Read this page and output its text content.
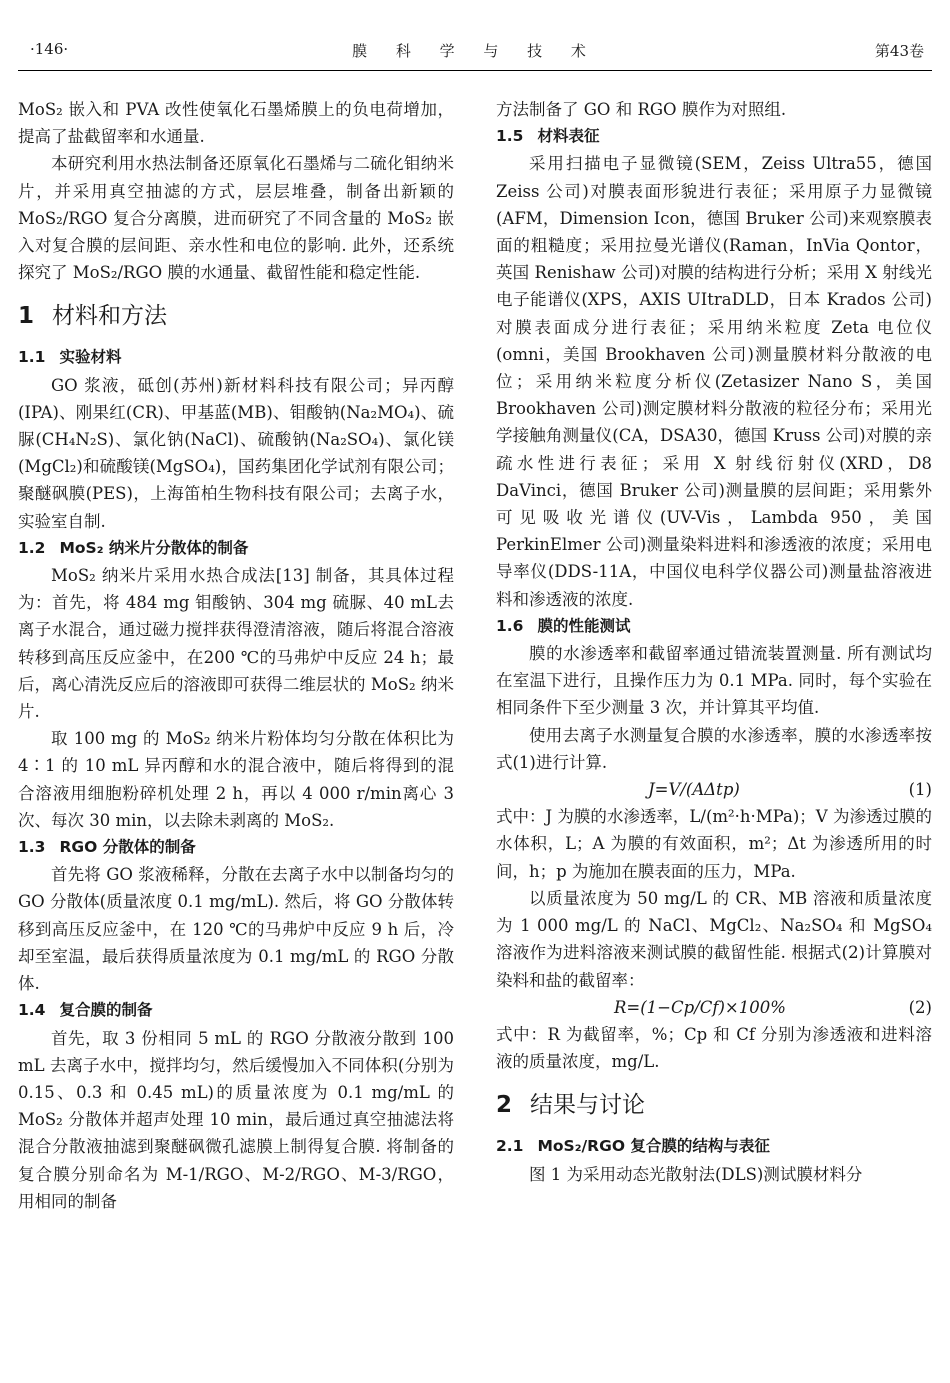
·146·	膜 科 学 与 技 术	第43卷

MoS₂ 嵌入和 PVA 改性使氧化石墨烯膜上的负电荷增加，提高了盐截留率和水通量.

本研究利用水热法制备还原氧化石墨烯与二硫化钼纳米片，并采用真空抽滤的方式，层层堆叠，制备出新颖的 MoS₂/RGO 复合分离膜，进而研究了不同含量的 MoS₂ 嵌入对复合膜的层间距、亲水性和电位的影响. 此外，还系统探究了 MoS₂/RGO 膜的水通量、截留性能和稳定性能.

1 材料和方法
1.1 实验材料

GO 浆液，砥创(苏州)新材料科技有限公司；异丙醇(IPA)、刚果红(CR)、甲基蓝(MB)、钼酸钠(Na₂MO₄)、硫脲(CH₄N₂S)、氯化钠(NaCl)、硫酸钠(Na₂SO₄)、氯化镁(MgCl₂)和硫酸镁(MgSO₄)，国药集团化学试剂有限公司；聚醚砜膜(PES)，上海笛柏生物科技有限公司；去离子水，实验室自制.

1.2 MoS₂ 纳米片分散体的制备

MoS₂ 纳米片采用水热合成法[13] 制备，其具体过程为：首先，将 484 mg 钼酸钠、304 mg 硫脲、40 mL去离子水混合，通过磁力搅拌获得澄清溶液，随后将混合溶液转移到高压反应釜中，在200 ℃的马弗炉中反应 24 h；最后，离心清洗反应后的溶液即可获得二维层状的 MoS₂ 纳米片.

取 100 mg 的 MoS₂ 纳米片粉体均匀分散在体积比为 4∶1 的 10 mL 异丙醇和水的混合液中，随后将得到的混合溶液用细胞粉碎机处理 2 h，再以 4 000 r/min离心 3 次、每次 30 min，以去除未剥离的 MoS₂.

1.3 RGO 分散体的制备

首先将 GO 浆液稀释，分散在去离子水中以制备均匀的 GO 分散体(质量浓度 0.1 mg/mL). 然后，将 GO 分散体转移到高压反应釜中，在 120 ℃的马弗炉中反应 9 h 后，冷却至室温，最后获得质量浓度为 0.1 mg/mL 的 RGO 分散体.

1.4 复合膜的制备

首先，取 3 份相同 5 mL 的 RGO 分散液分散到 100 mL 去离子水中，搅拌均匀，然后缓慢加入不同体积(分别为 0.15、0.3 和 0.45 mL)的质量浓度为 0.1 mg/mL 的 MoS₂ 分散体并超声处理 10 min，最后通过真空抽滤法将混合分散液抽滤到聚醚砜微孔滤膜上制得复合膜. 将制备的复合膜分别命名为 M-1/RGO、M-2/RGO、M-3/RGO，用相同的制备

方法制备了 GO 和 RGO 膜作为对照组.

1.5 材料表征

采用扫描电子显微镜(SEM，Zeiss Ultra55，德国 Zeiss 公司)对膜表面形貌进行表征；采用原子力显微镜(AFM，Dimension Icon，德国 Bruker 公司)来观察膜表面的粗糙度；采用拉曼光谱仪(Raman，InVia Qontor，英国 Renishaw 公司)对膜的结构进行分析；采用 X 射线光电子能谱仪(XPS，AXIS UItraDLD，日本 Krados 公司)对膜表面成分进行表征；采用纳米粒度 Zeta 电位仪(omni，美国 Brookhaven 公司)测量膜材料分散液的电位；采用纳米粒度分析仪(Zetasizer Nano S，美国 Brookhaven 公司)测定膜材料分散液的粒径分布；采用光学接触角测量仪(CA，DSA30，德国 Kruss 公司)对膜的亲疏水性进行表征；采用 X 射线衍射仪(XRD，D8 DaVinci，德国 Bruker 公司)测量膜的层间距；采用紫外可见吸收光谱仪(UV-Vis，Lambda 950，美国 PerkinElmer 公司)测量染料进料和渗透液的浓度；采用电导率仪(DDS-11A，中国仪电科学仪器公司)测量盐溶液进料和渗透液的浓度.

1.6 膜的性能测试

膜的水渗透率和截留率通过错流装置测量. 所有测试均在室温下进行，且操作压力为 0.1 MPa. 同时，每个实验在相同条件下至少测量 3 次，并计算其平均值.

使用去离子水测量复合膜的水渗透率，膜的水渗透率按式(1)进行计算.

J=V/(AΔtp)	(1)

式中：J 为膜的水渗透率，L/(m²·h·MPa)；V 为渗透过膜的水体积，L；A 为膜的有效面积，m²；Δt 为渗透所用的时间，h；p 为施加在膜表面的压力，MPa.

以质量浓度为 50 mg/L 的 CR、MB 溶液和质量浓度为 1 000 mg/L 的 NaCl、MgCl₂、Na₂SO₄ 和 MgSO₄ 溶液作为进料溶液来测试膜的截留性能. 根据式(2)计算膜对染料和盐的截留率：

R=(1−Cp/Cf)×100%	(2)

式中：R 为截留率，%；Cp 和 Cf 分别为渗透液和进料溶液的质量浓度，mg/L.

2 结果与讨论
2.1 MoS₂/RGO 复合膜的结构与表征

图 1 为采用动态光散射法(DLS)测试膜材料分
